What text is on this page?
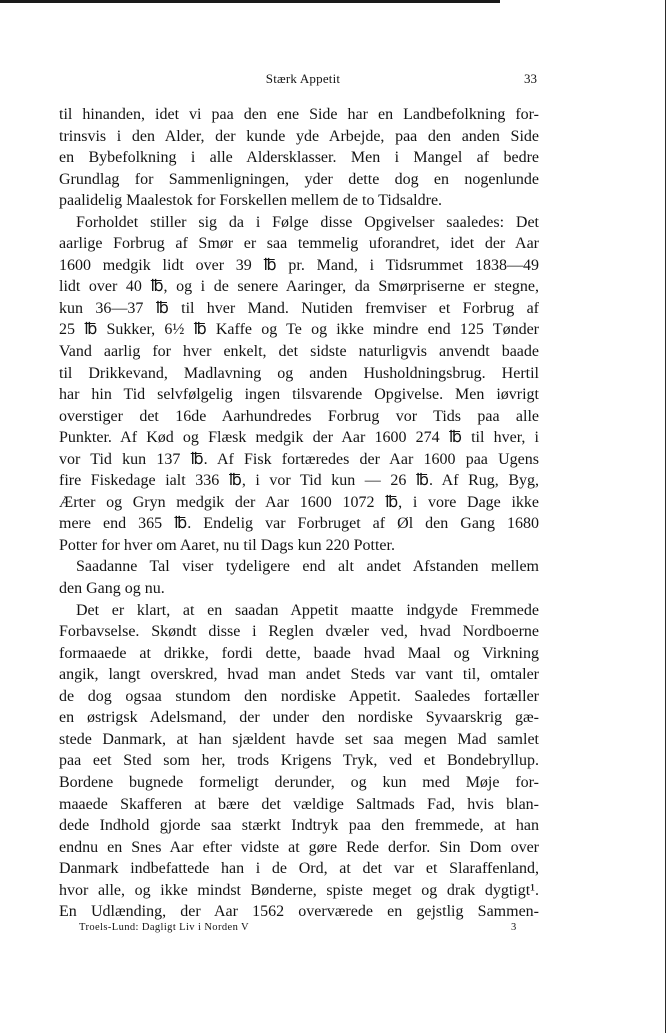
Stærk Appetit	33
til hinanden, idet vi paa den ene Side har en Landbefolkning for-
trinsvis i den Alder, der kunde yde Arbejde, paa den anden Side
en Bybefolkning i alle Aldersklasser. Men i Mangel af bedre
Grundlag for Sammenligningen, yder dette dog en nogenlunde
paalidelig Maalestok for Forskellen mellem de to Tidsaldre.
Forholdet stiller sig da i Følge disse Opgivelser saaledes: Det
aarlige Forbrug af Smør er saa temmelig uforandret, idet der Aar
1600 medgik lidt over 39 ℔ pr. Mand, i Tidsrummet 1838—49
lidt over 40 ℔, og i de senere Aaringer, da Smørpriserne er stegne,
kun 36—37 ℔ til hver Mand. Nutiden fremviser et Forbrug af
25 ℔ Sukker, 6½ ℔ Kaffe og Te og ikke mindre end 125 Tønder
Vand aarlig for hver enkelt, det sidste naturligvis anvendt baade
til Drikkevand, Madlavning og anden Husholdningsbrug. Hertil
har hin Tid selvfølgelig ingen tilsvarende Opgivelse. Men iøvrigt
overstiger det 16de Aarhundredes Forbrug vor Tids paa alle
Punkter. Af Kød og Flæsk medgik der Aar 1600 274 ℔ til hver, i
vor Tid kun 137 ℔. Af Fisk fortæredes der Aar 1600 paa Ugens
fire Fiskedage ialt 336 ℔, i vor Tid kun — 26 ℔. Af Rug, Byg,
Ærter og Gryn medgik der Aar 1600 1072 ℔, i vore Dage ikke
mere end 365 ℔. Endelig var Forbruget af Øl den Gang 1680
Potter for hver om Aaret, nu til Dags kun 220 Potter.
Saadanne Tal viser tydeligere end alt andet Afstanden mellem
den Gang og nu.
Det er klart, at en saadan Appetit maatte indgyde Fremmede
Forbavselse. Skøndt disse i Reglen dvæler ved, hvad Nordboerne
formaaede at drikke, fordi dette, baade hvad Maal og Virkning
angik, langt overskred, hvad man andet Steds var vant til, omtaler
de dog ogsaa stundom den nordiske Appetit. Saaledes fortæller
en østrigsk Adelsmand, der under den nordiske Syvaarskrig gæ-
stede Danmark, at han sjældent havde set saa megen Mad samlet
paa eet Sted som her, trods Krigens Tryk, ved et Bondebryllup.
Bordene bugnede formeligt derunder, og kun med Møje for-
maaede Skafferen at bære det vældige Saltmads Fad, hvis blan-
dede Indhold gjorde saa stærkt Indtryk paa den fremmede, at han
endnu en Snes Aar efter vidste at gøre Rede derfor. Sin Dom over
Danmark indbefattede han i de Ord, at det var et Slaraffenland,
hvor alle, og ikke mindst Bønderne, spiste meget og drak dygtigt¹.
En Udlænding, der Aar 1562 overværede en gejstlig Sammen-
Troels-Lund: Dagligt Liv i Norden V	3
